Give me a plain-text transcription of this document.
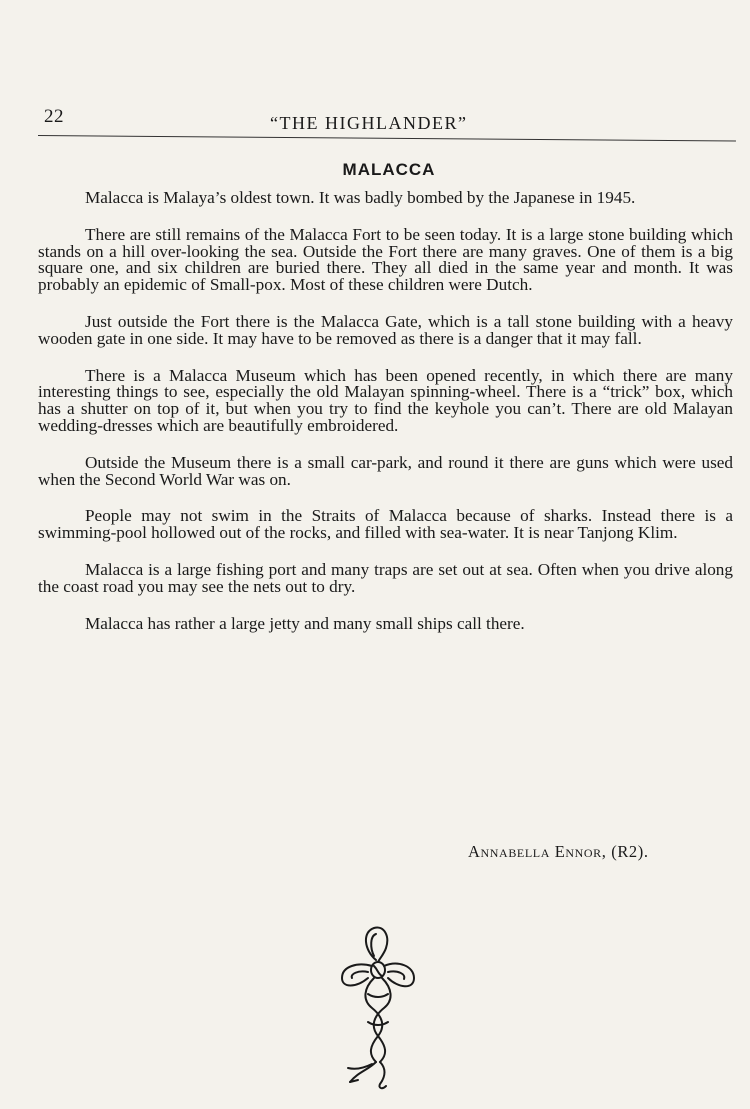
22	“THE HIGHLANDER”
MALACCA

Malacca is Malaya’s oldest town. It was badly bombed by the Japanese in 1945.

There are still remains of the Malacca Fort to be seen today. It is a large stone building which stands on a hill over-looking the sea. Outside the Fort there are many graves. One of them is a big square one, and six children are buried there. They all died in the same year and month. It was probably an epidemic of Small-pox. Most of these children were Dutch.

Just outside the Fort there is the Malacca Gate, which is a tall stone building with a heavy wooden gate in one side. It may have to be removed as there is a danger that it may fall.

There is a Malacca Museum which has been opened recently, in which there are many interesting things to see, especially the old Malayan spinning-wheel. There is a “trick” box, which has a shutter on top of it, but when you try to find the keyhole you can’t. There are old Malayan wedding-dresses which are beautifully embroidered.

Outside the Museum there is a small car-park, and round it there are guns which were used when the Second World War was on.

People may not swim in the Straits of Malacca because of sharks. Instead there is a swimming-pool hollowed out of the rocks, and filled with sea-water. It is near Tanjong Klim.

Malacca is a large fishing port and many traps are set out at sea. Often when you drive along the coast road you may see the nets out to dry.

Malacca has rather a large jetty and many small ships call there.

Annabella Ennor, (R2).
